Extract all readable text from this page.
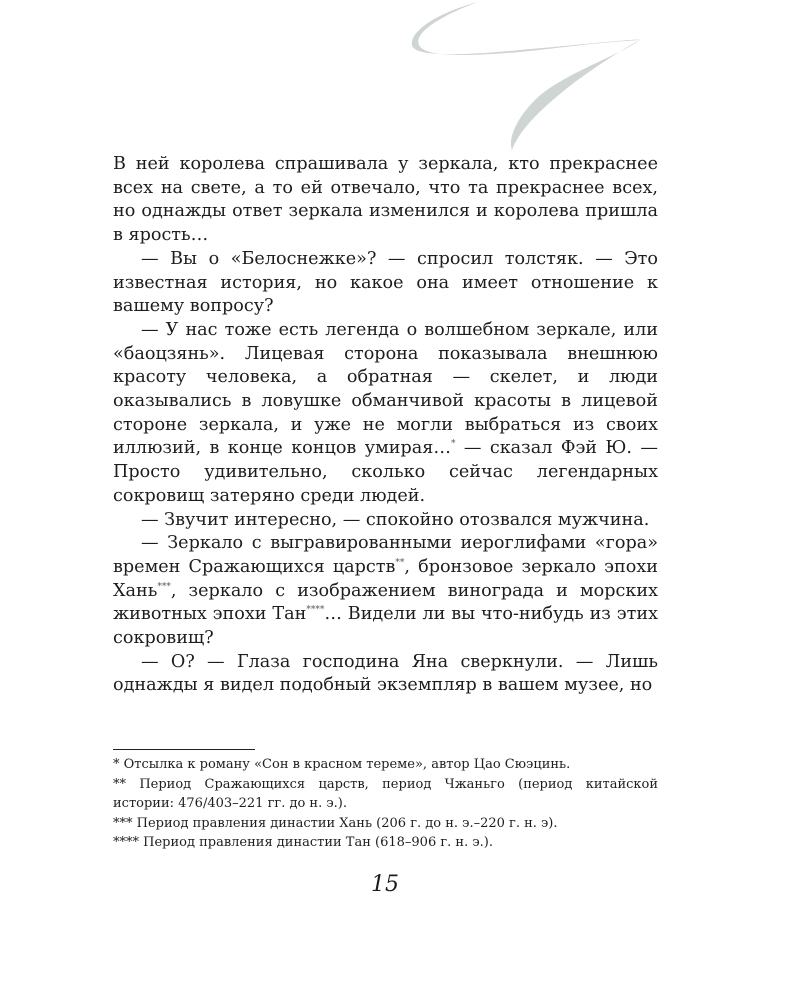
В ней королева спрашивала у зеркала, кто прекраснее всех на свете, а то ей отвечало, что та прекраснее всех, но однажды ответ зеркала изменился и королева пришла в ярость…

— Вы о «Белоснежке»? — спросил толстяк. — Это известная история, но какое она имеет отношение к вашему вопросу?

— У нас тоже есть легенда о волшебном зеркале, или «баоцзянь». Лицевая сторона показывала внешнюю красоту человека, а обратная — скелет, и люди оказывались в ловушке обманчивой красоты в лицевой стороне зеркала, и уже не могли выбраться из своих иллюзий, в конце концов умирая…* — сказал Фэй Ю. — Просто удивительно, сколько сейчас легендарных сокровищ затеряно среди людей.

— Звучит интересно, — спокойно отозвался мужчина.

— Зеркало с выгравированными иероглифами «гора» времен Сражающихся царств**, бронзовое зеркало эпохи Хань***, зеркало с изображением винограда и морских животных эпохи Тан****… Видели ли вы что-нибудь из этих сокровищ?

— О? — Глаза господина Яна сверкнули. — Лишь однажды я видел подобный экземпляр в вашем музее, но

* Отсылка к роману «Сон в красном тереме», автор Цао Сюэцинь.

** Период Сражающихся царств, период Чжаньго (период китайской истории: 476/403–221 гг. до н. э.).

*** Период правления династии Хань (206 г. до н. э.–220 г. н. э).

**** Период правления династии Тан (618–906 г. н. э.).

15
